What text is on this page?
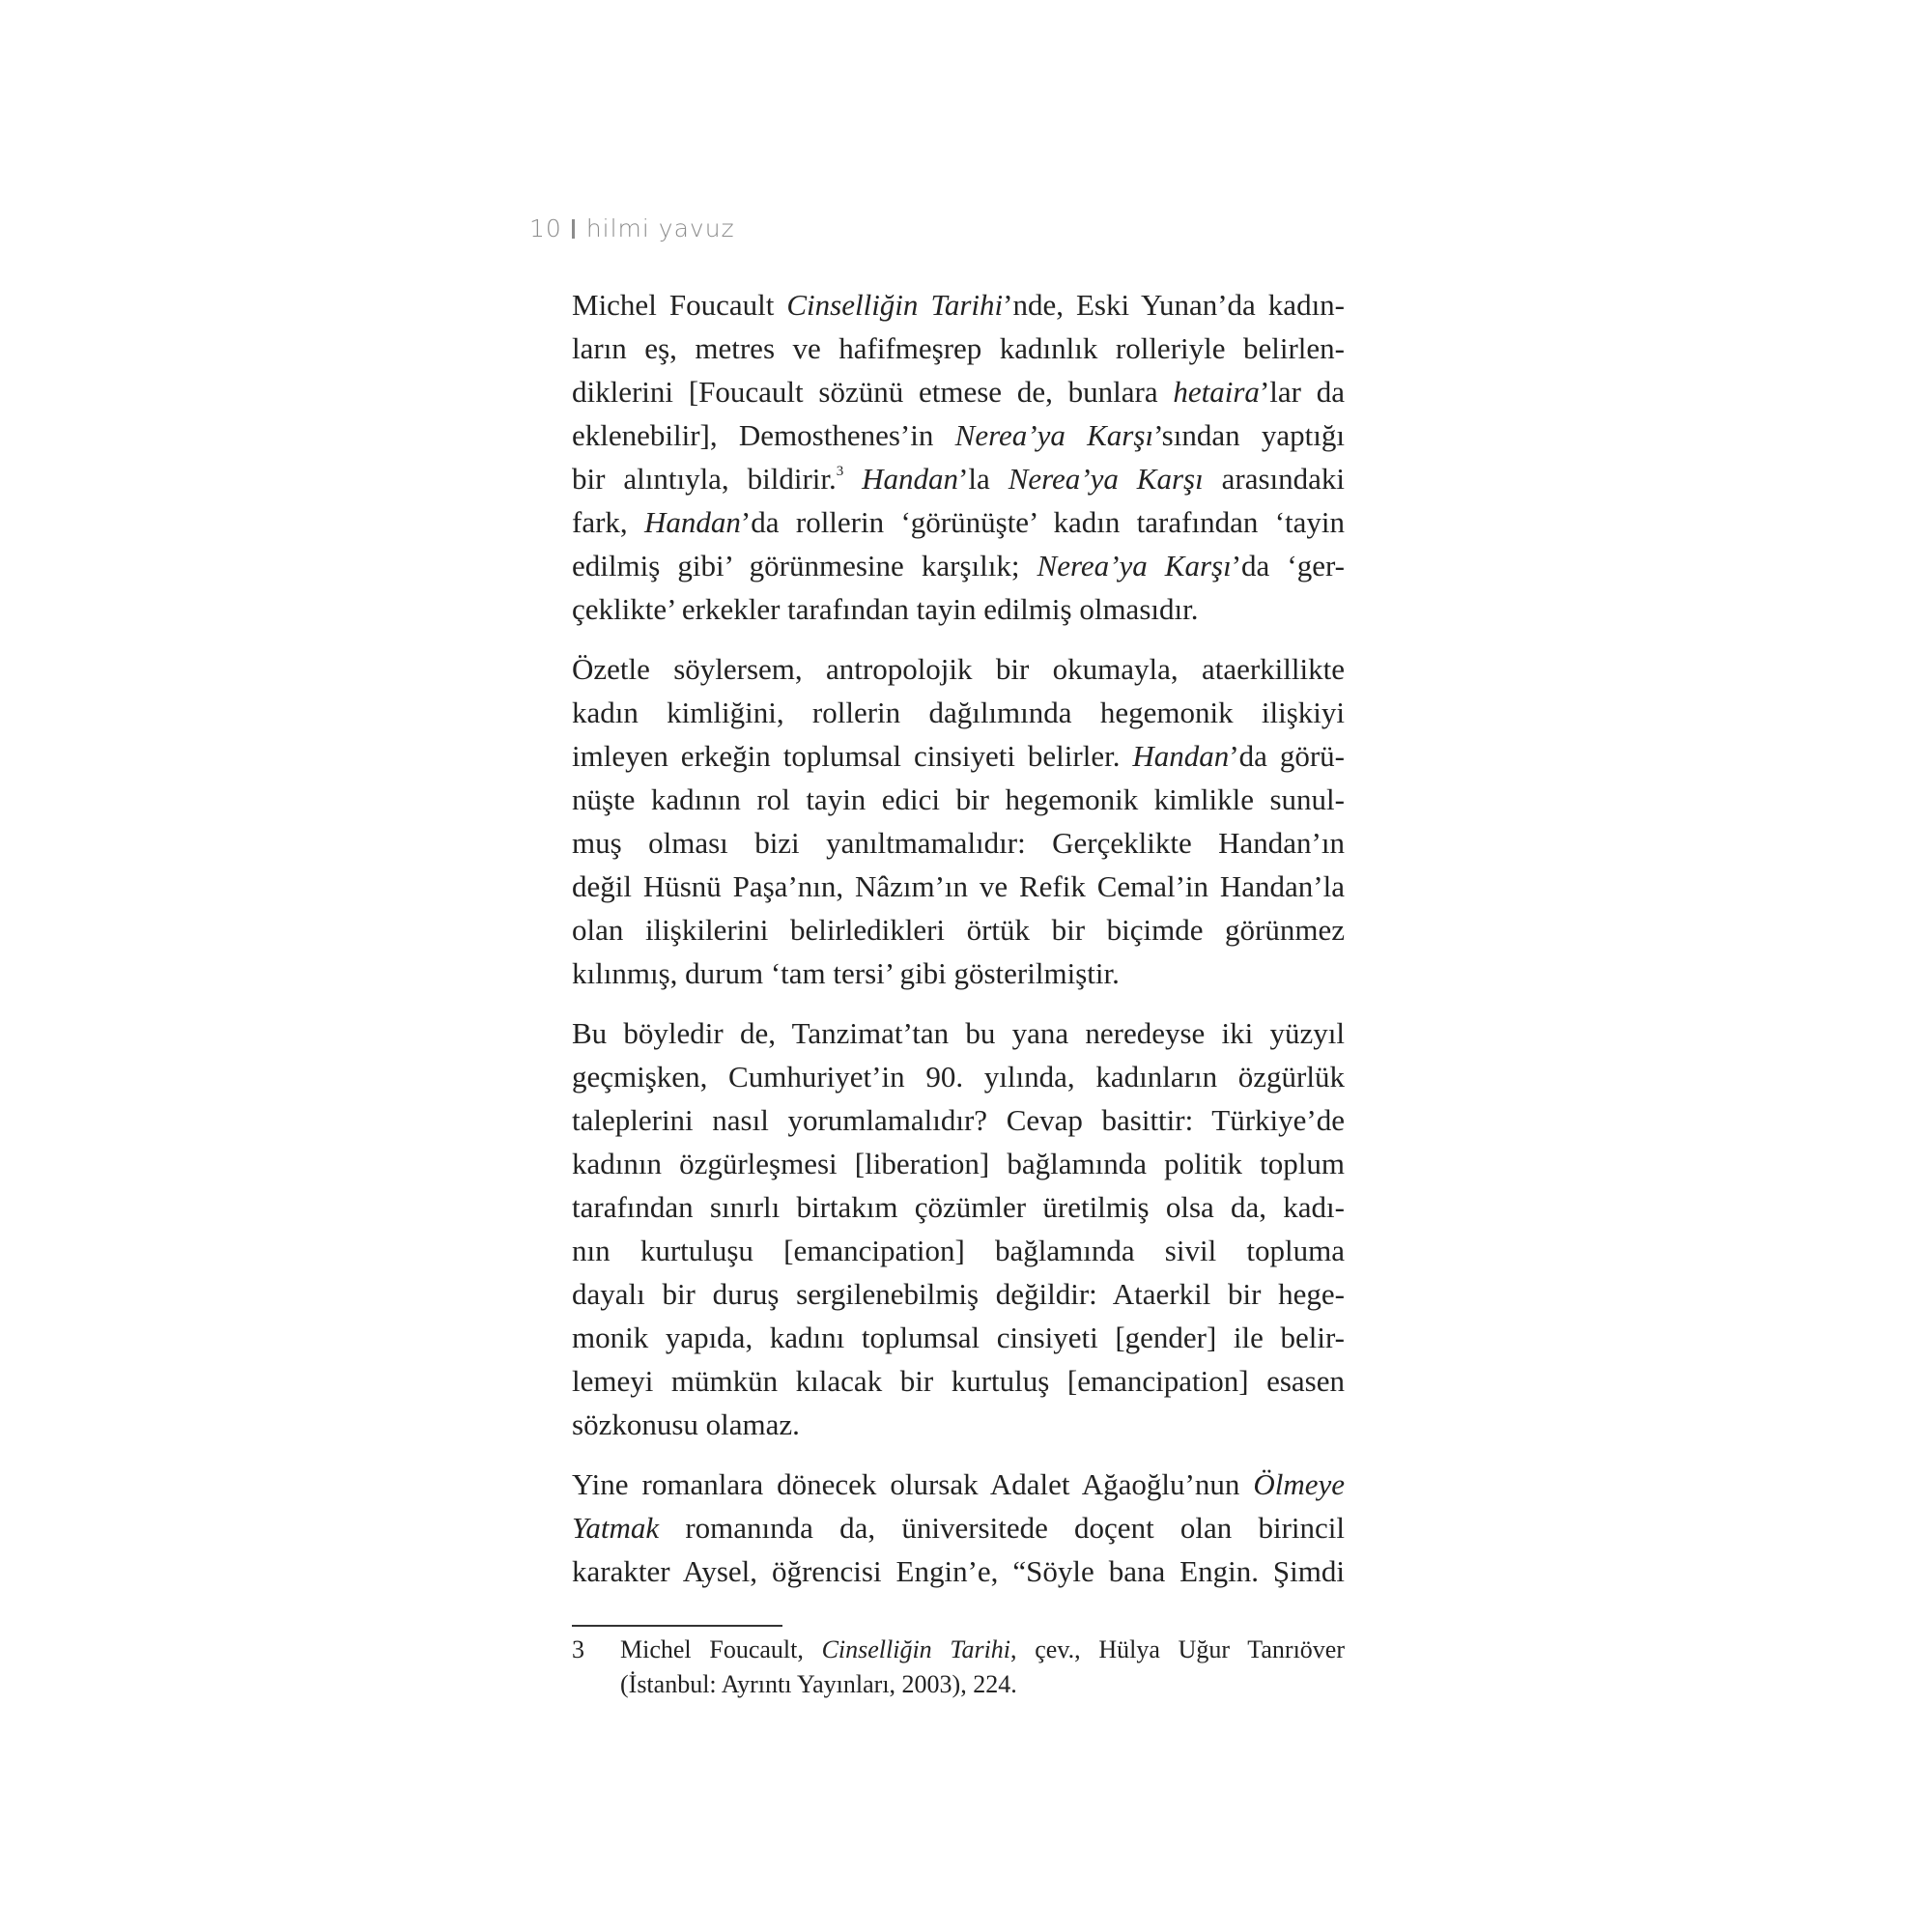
10 hilmi yavuz
Michel Foucault Cinselliğin Tarihi’nde, Eski Yunan’da kadın-
ların eş, metres ve hafifmeşrep kadınlık rolleriyle belirlen-
diklerini [Foucault sözünü etmese de, bunlara hetaira’lar da
eklenebilir], Demosthenes’in Nerea’ya Karşı’sından yaptığı
bir alıntıyla, bildirir.$^3$ Handan’la Nerea’ya Karşı arasındaki
fark, Handan’da rollerin ‘görünüşte’ kadın tarafından ‘tayin
edilmiş gibi’ görünmesine karşılık; Nerea’ya Karşı’da ‘ger-
çeklikte’ erkekler tarafından tayin edilmiş olmasıdır.
Özetle söylersem, antropolojik bir okumayla, ataerkillikte
kadın kimliğini, rollerin dağılımında hegemonik ilişkiyi
imleyen erkeğin toplumsal cinsiyeti belirler. Handan’da görü-
nüşte kadının rol tayin edici bir hegemonik kimlikle sunul-
muş olması bizi yanıltmamalıdır: Gerçeklikte Handan’ın
değil Hüsnü Paşa’nın, Nâzım’ın ve Refik Cemal’in Handan’la
olan ilişkilerini belirledikleri örtük bir biçimde görünmez
kılınmış, durum ‘tam tersi’ gibi gösterilmiştir.
Bu böyledir de, Tanzimat’tan bu yana neredeyse iki yüzyıl
geçmişken, Cumhuriyet’in 90. yılında, kadınların özgürlük
taleplerini nasıl yorumlamalıdır? Cevap basittir: Türkiye’de
kadının özgürleşmesi [liberation] bağlamında politik toplum
tarafından sınırlı birtakım çözümler üretilmiş olsa da, kadı-
nın kurtuluşu [emancipation] bağlamında sivil topluma
dayalı bir duruş sergilenebilmiş değildir: Ataerkil bir hege-
monik yapıda, kadını toplumsal cinsiyeti [gender] ile belir-
lemeyi mümkün kılacak bir kurtuluş [emancipation] esasen
sözkonusu olamaz.
Yine romanlara dönecek olursak Adalet Ağaoğlu’nun Ölmeye
Yatmak romanında da, üniversitede doçent olan birincil
karakter Aysel, öğrencisi Engin’e, “Söyle bana Engin. Şimdi
3 Michel Foucault, Cinselliğin Tarihi, çev., Hülya Uğur Tanrıöver
(İstanbul: Ayrıntı Yayınları, 2003), 224.
